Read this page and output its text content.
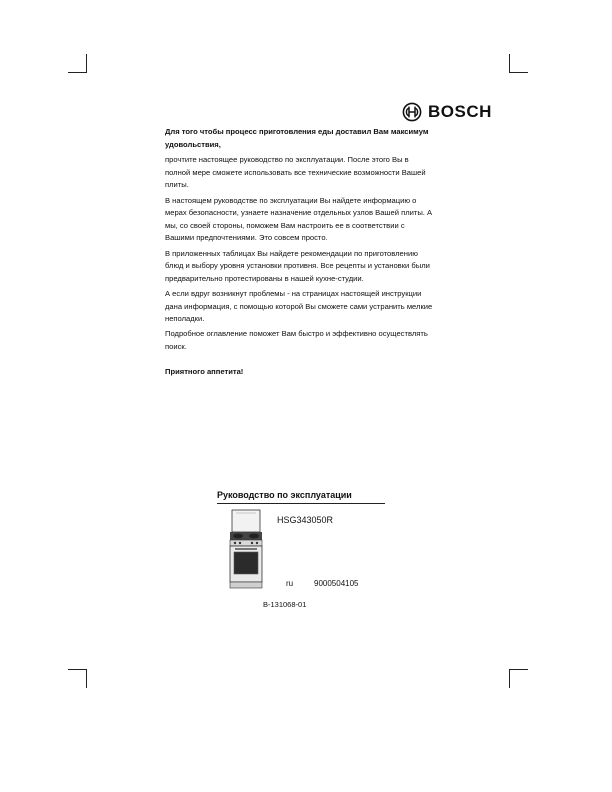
BOSCH

Для того чтобы процесс приготовления еды доставил Вам максимум удовольствия,

прочтите настоящее руководство по эксплуатации. После этого Вы в полной мере сможете использовать все технические возможности Вашей плиты.

В настоящем руководстве по эксплуатации Вы найдете информацию о мерах безопасности, узнаете назначение отдельных узлов Вашей плиты. А мы, со своей стороны, поможем Вам настроить ее в соответствии с Вашими предпочтениями. Это совсем просто.

В приложенных таблицах Вы найдете рекомендации по приготовлению блюд и выбору уровня установки противня. Все рецепты и установки были предварительно протестированы в нашей кухне-студии.

А если вдруг возникнут проблемы - на страницах настоящей инструкции дана информация, с помощью которой Вы сможете сами устранить мелкие неполадки.

Подробное оглавление поможет Вам быстро и эффективно осуществлять поиск.

Приятного аппетита!

Руководство по эксплуатации
HSG343050R
ru	9000504105
B-131068-01
